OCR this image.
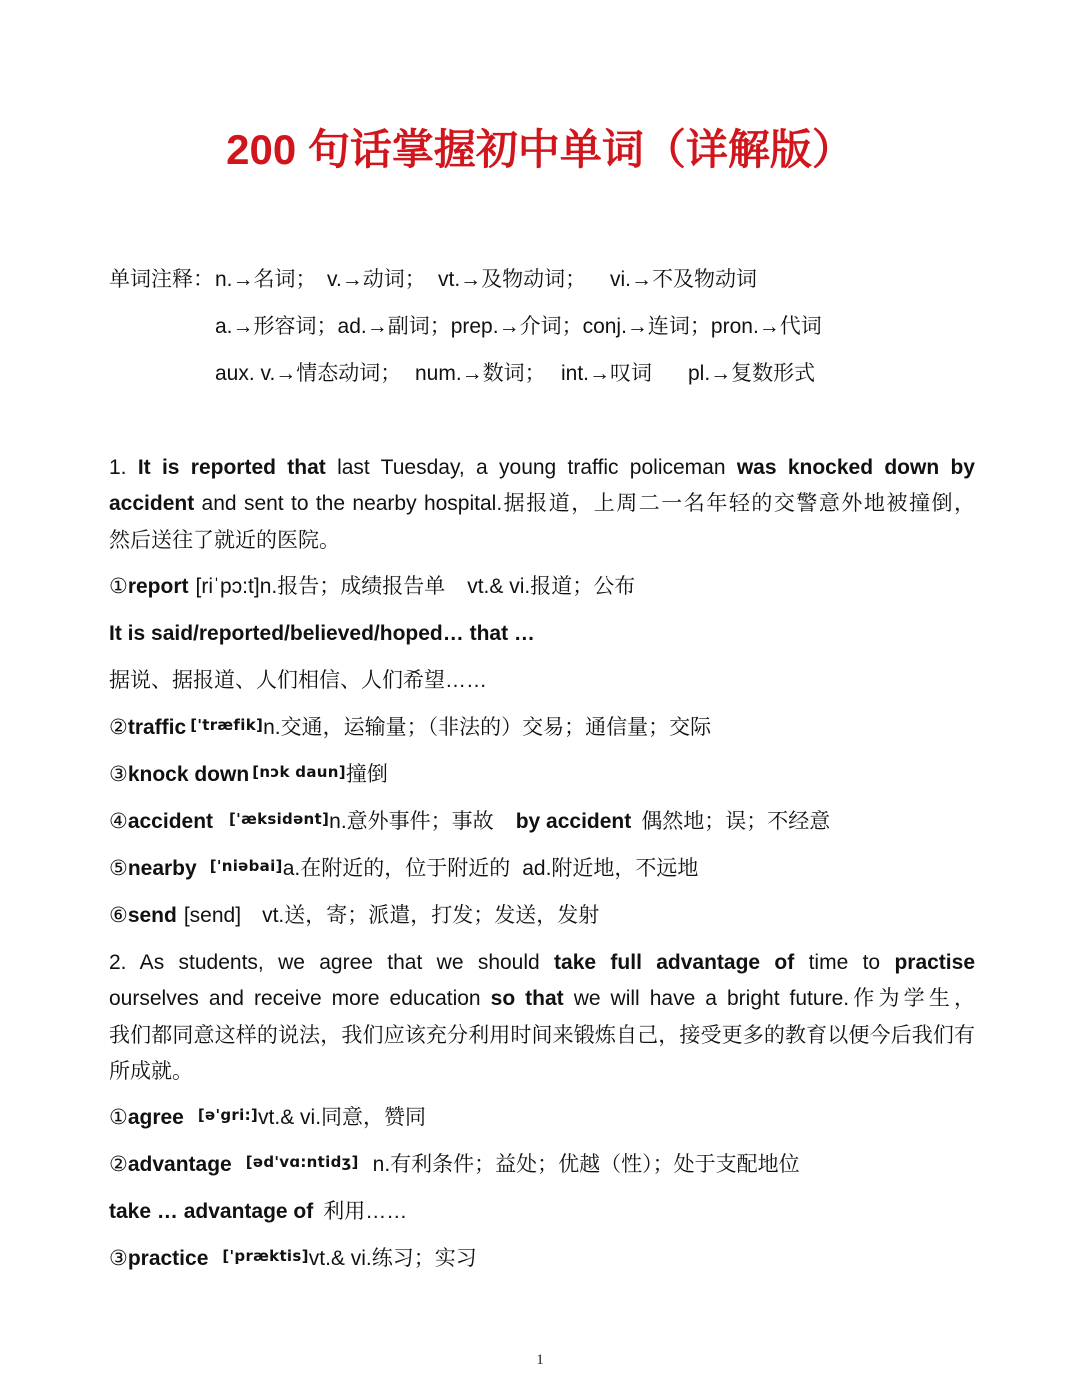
200 句话掌握初中单词（详解版）
单词注释： n.→名词； v.→动词； vt.→及物动词； vi.→不及物动词
a.→形容词；ad.→副词；prep.→介词；conj.→连词；pron.→代词
aux. v.→情态动词； num.→数词； int.→叹词 pl.→复数形式
1. It is reported that last Tuesday, a young traffic policeman was knocked down by
accident and sent to the nearby hospital.据报道，上周二一名年轻的交警意外地被撞倒，
然后送往了就近的医院。
①report [riˈpɔ:t]n.报告；成绩报告单 vt.& vi.报道；公布
It is said/reported/believed/hoped… that …
据说、据报道、人们相信、人们希望……
②traffic ['træfik]n.交通，运输量；（非法的）交易；通信量；交际
③knock down [nɔk daun]撞倒
④accident ['æksidənt]n.意外事件；事故 by accident 偶然地；误；不经意
⑤nearby ['niəbai]a.在附近的，位于附近的 ad.附近地，不远地
⑥send [send] vt.送，寄；派遣，打发；发送，发射
2. As students, we agree that we should take full advantage of time to practise
ourselves and receive more education so that we will have a bright future.作为学生，
我们都同意这样的说法，我们应该充分利用时间来锻炼自己，接受更多的教育以便今后我们有
所成就。
①agree [ə'gri:]vt.& vi.同意，赞同
②advantage [əd'vɑ:ntidʒ] n.有利条件；益处；优越（性）；处于支配地位
take … advantage of 利用……
③practice ['præktis]vt.& vi.练习；实习
1
